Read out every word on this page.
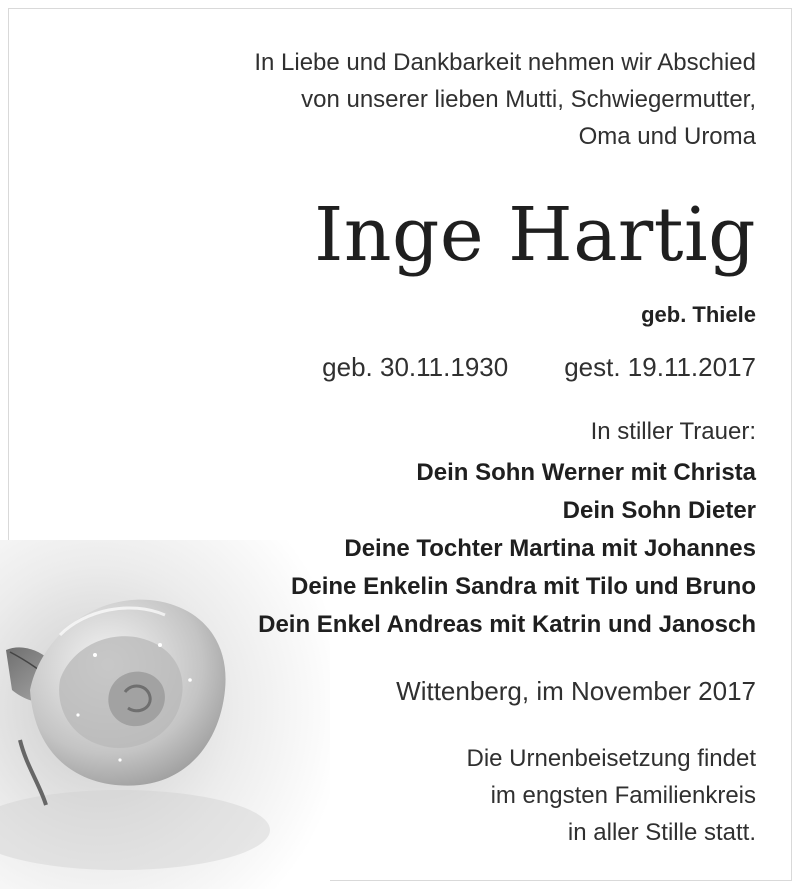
In Liebe und Dankbarkeit nehmen wir Abschied
von unserer lieben Mutti, Schwiegermutter,
Oma und Uroma
Inge Hartig
geb. Thiele
geb. 30.11.1930 gest. 19.11.2017
In stiller Trauer:
Dein Sohn Werner mit Christa
Dein Sohn Dieter
Deine Tochter Martina mit Johannes
Deine Enkelin Sandra mit Tilo und Bruno
Dein Enkel Andreas mit Katrin und Janosch
Wittenberg, im November 2017
Die Urnenbeisetzung findet
im engsten Familienkreis
in aller Stille statt.
